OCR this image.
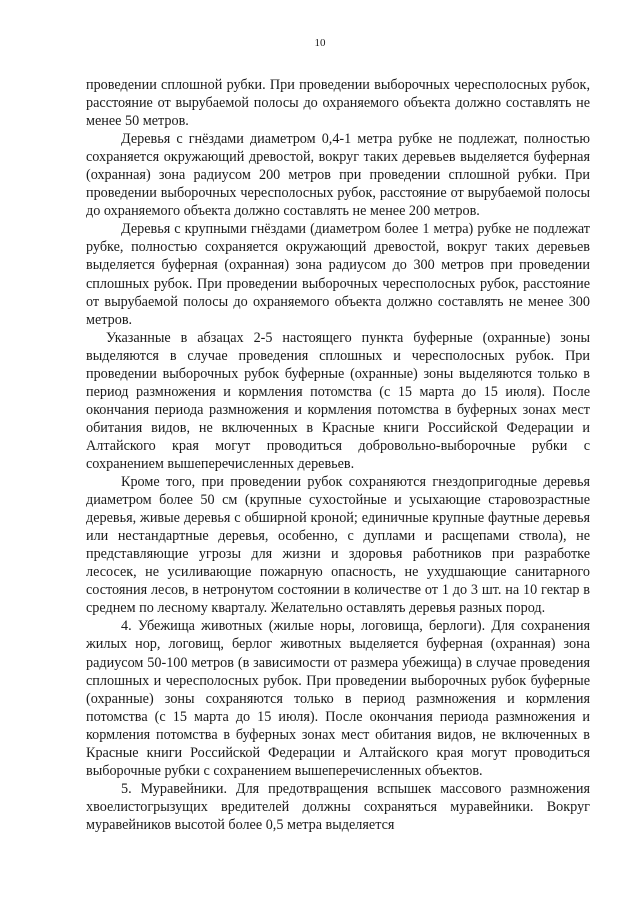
10

проведении сплошной рубки. При проведении выборочных чересполосных рубок, расстояние от вырубаемой полосы до охраняемого объекта должно составлять не менее 50 метров.

Деревья с гнёздами диаметром 0,4-1 метра рубке не подлежат, полностью сохраняется окружающий древостой, вокруг таких деревьев выделяется буферная (охранная) зона радиусом 200 метров при проведении сплошной рубки. При проведении выборочных чересполосных рубок, расстояние от вырубаемой полосы до охраняемого объекта должно составлять не менее 200 метров.

Деревья с крупными гнёздами (диаметром более 1 метра) рубке не подлежат рубке, полностью сохраняется окружающий древостой, вокруг таких деревьев выделяется буферная (охранная) зона радиусом до 300 метров при проведении сплошных рубок. При проведении выборочных чересполосных рубок, расстояние от вырубаемой полосы до охраняемого объекта должно составлять не менее 300 метров.

Указанные в абзацах 2-5 настоящего пункта буферные (охранные) зоны выделяются в случае проведения сплошных и чересполосных рубок. При проведении выборочных рубок буферные (охранные) зоны выделяются только в период размножения и кормления потомства (с 15 марта до 15 июля). После окончания периода размножения и кормления потомства в буферных зонах мест обитания видов, не включенных в Красные книги Российской Федерации и Алтайского края могут проводиться добровольно-выборочные рубки с сохранением вышеперечисленных деревьев.

Кроме того, при проведении рубок сохраняются гнездопригодные деревья диаметром более 50 см (крупные сухостойные и усыхающие старовозрастные деревья, живые деревья с обширной кроной; единичные крупные фаутные деревья или нестандартные деревья, особенно, с дуплами и расщепами ствола), не представляющие угрозы для жизни и здоровья работников при разработке лесосек, не усиливающие пожарную опасность, не ухудшающие санитарного состояния лесов, в нетронутом состоянии в количестве от 1 до 3 шт. на 10 гектар в среднем по лесному кварталу. Желательно оставлять деревья разных пород.

4. Убежища животных (жилые норы, логовища, берлоги). Для сохранения жилых нор, логовищ, берлог животных выделяется буферная (охранная) зона радиусом 50-100 метров (в зависимости от размера убежища) в случае проведения сплошных и чересполосных рубок. При проведении выборочных рубок буферные (охранные) зоны сохраняются только в период размножения и кормления потомства (с 15 марта до 15 июля). После окончания периода размножения и кормления потомства в буферных зонах мест обитания видов, не включенных в Красные книги Российской Федерации и Алтайского края могут проводиться выборочные рубки с сохранением вышеперечисленных объектов.

5. Муравейники. Для предотвращения вспышек массового размножения хвоелистогрызущих вредителей должны сохраняться муравейники. Вокруг муравейников высотой более 0,5 метра выделяется
